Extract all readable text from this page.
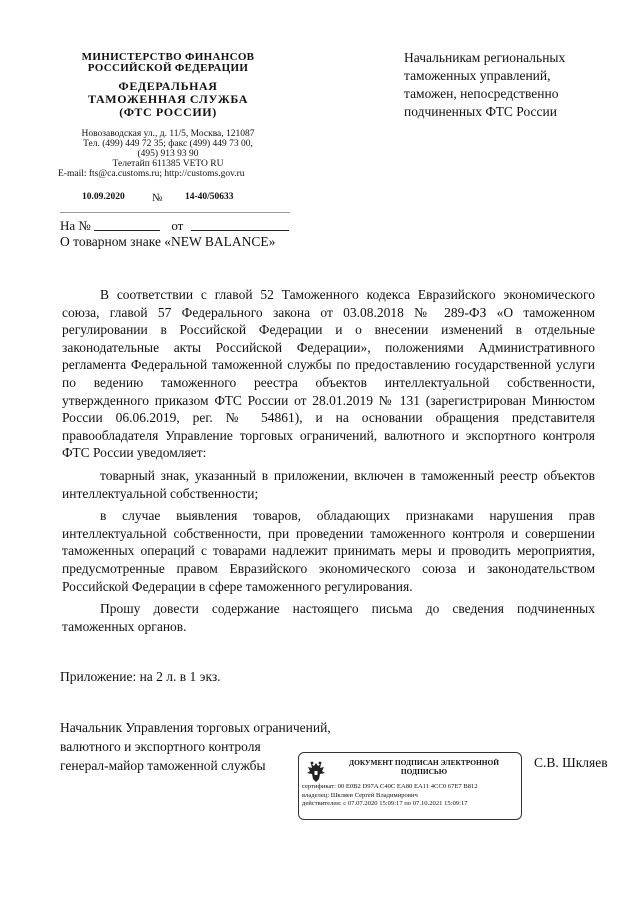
МИНИСТЕРСТВО ФИНАНСОВ
РОССИЙСКОЙ ФЕДЕРАЦИИ
ФЕДЕРАЛЬНАЯ
ТАМОЖЕННАЯ СЛУЖБА
(ФТС РОССИИ)
Новозаводская ул., д. 11/5, Москва, 121087
Тел. (499) 449 72 35; факс (499) 449 73 00,
(495) 913 93 90
Телетайп 611385 VETO RU
E-mail: fts@ca.customs.ru; http://customs.gov.ru
10.09.2020 № 14-40/50633
На №	от
О товарном знаке «NEW BALANCE»
Начальникам региональных
таможенных управлений,
таможен, непосредственно
подчиненных ФТС России

В соответствии с главой 52 Таможенного кодекса Евразийского экономического союза, главой 57 Федерального закона от 03.08.2018 № 289-ФЗ «О таможенном регулировании в Российской Федерации и о внесении изменений в отдельные законодательные акты Российской Федерации», положениями Административного регламента Федеральной таможенной службы по предоставлению государственной услуги по ведению таможенного реестра объектов интеллектуальной собственности, утвержденного приказом ФТС России от 28.01.2019 № 131 (зарегистрирован Минюстом России 06.06.2019, рег. № 54861), и на основании обращения представителя правообладателя Управление торговых ограничений, валютного и экспортного контроля ФТС России уведомляет:

товарный знак, указанный в приложении, включен в таможенный реестр объектов интеллектуальной собственности;

в случае выявления товаров, обладающих признаками нарушения прав интеллектуальной собственности, при проведении таможенного контроля и совершении таможенных операций с товарами надлежит принимать меры и проводить мероприятия, предусмотренные правом Евразийского экономического союза и законодательством Российской Федерации в сфере таможенного регулирования.

Прошу довести содержание настоящего письма до сведения подчиненных таможенных органов.

Приложение: на 2 л. в 1 экз.
Начальник Управления торговых ограничений,
валютного и экспортного контроля
генерал-майор таможенной службы	ДОКУМЕНТ ПОДПИСАН ЭЛЕКТРОННОЙ ПОДПИСЬЮ
сертификат: 00 E0B2 D97A C40C EA80 EA11 4CC0 67E7 B812
владелец: Шкляев Сергей Владимирович
действителен: с 07.07.2020 15:09:17 по 07.10.2021 15:09:17
С.В. Шкляев
